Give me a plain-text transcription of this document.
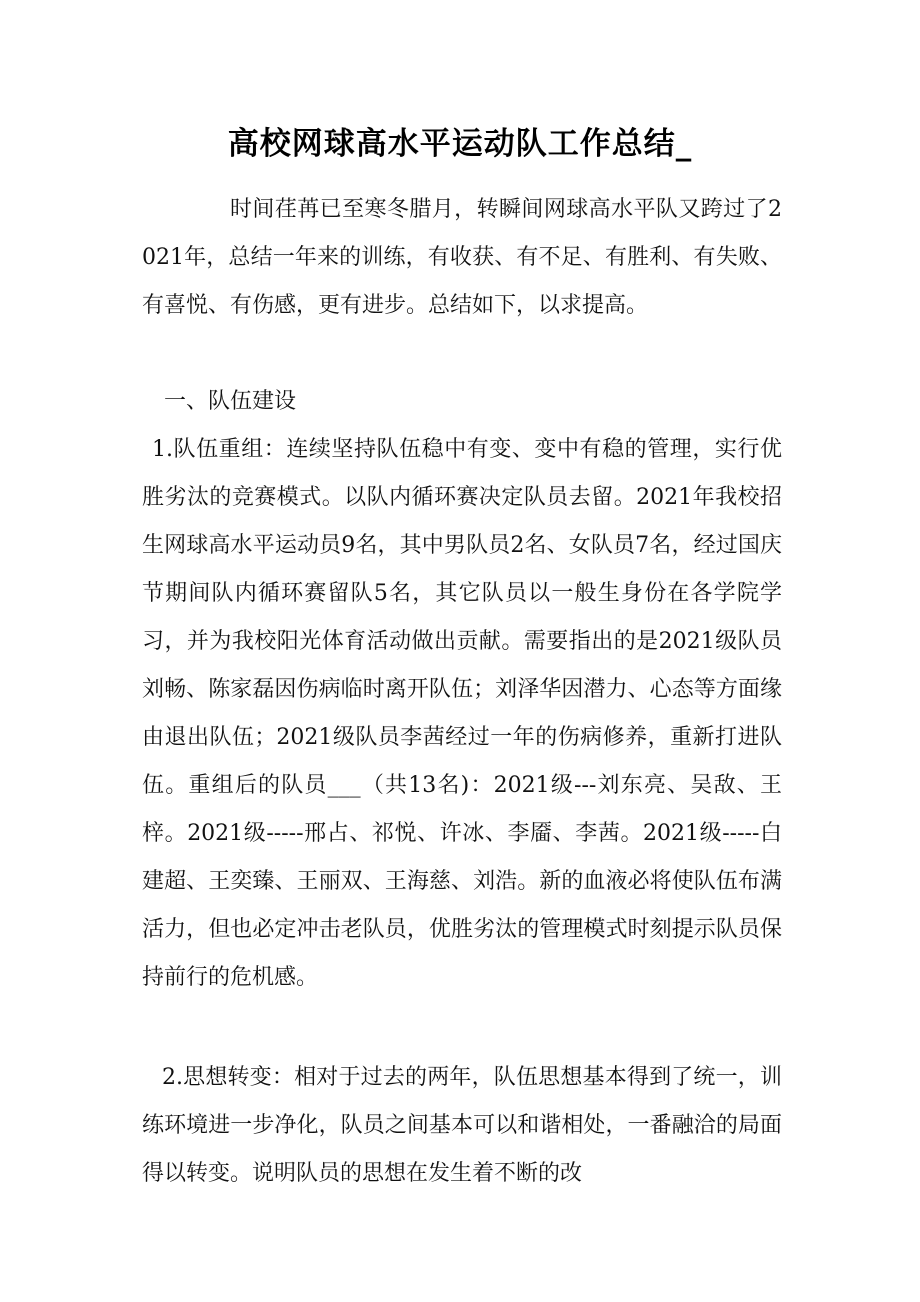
高校网球高水平运动队工作总结_

时间荏苒已至寒冬腊月，转瞬间网球高水平队又跨过了2021年，总结一年来的训练，有收获、有不足、有胜利、有失败、有喜悦、有伤感，更有进步。总结如下，以求提高。

一、队伍建设

1.队伍重组：连续坚持队伍稳中有变、变中有稳的管理，实行优胜劣汰的竞赛模式。以队内循环赛决定队员去留。2021年我校招生网球高水平运动员9名，其中男队员2名、女队员7名，经过国庆节期间队内循环赛留队5名，其它队员以一般生身份在各学院学习，并为我校阳光体育活动做出贡献。需要指出的是2021级队员刘畅、陈家磊因伤病临时离开队伍；刘泽华因潜力、心态等方面缘由退出队伍；2021级队员李茜经过一年的伤病修养，重新打进队伍。重组后的队员___（共13名)：2021级---刘东亮、吴敌、王梓。2021级-----邢占、祁悦、许冰、李靥、李茜。2021级-----白建超、王奕臻、王丽双、王海慈、刘浩。新的血液必将使队伍布满活力，但也必定冲击老队员，优胜劣汰的管理模式时刻提示队员保持前行的危机感。

2.思想转变：相对于过去的两年，队伍思想基本得到了统一，训练环境进一步净化，队员之间基本可以和谐相处，一番融洽的局面得以转变。说明队员的思想在发生着不断的改
